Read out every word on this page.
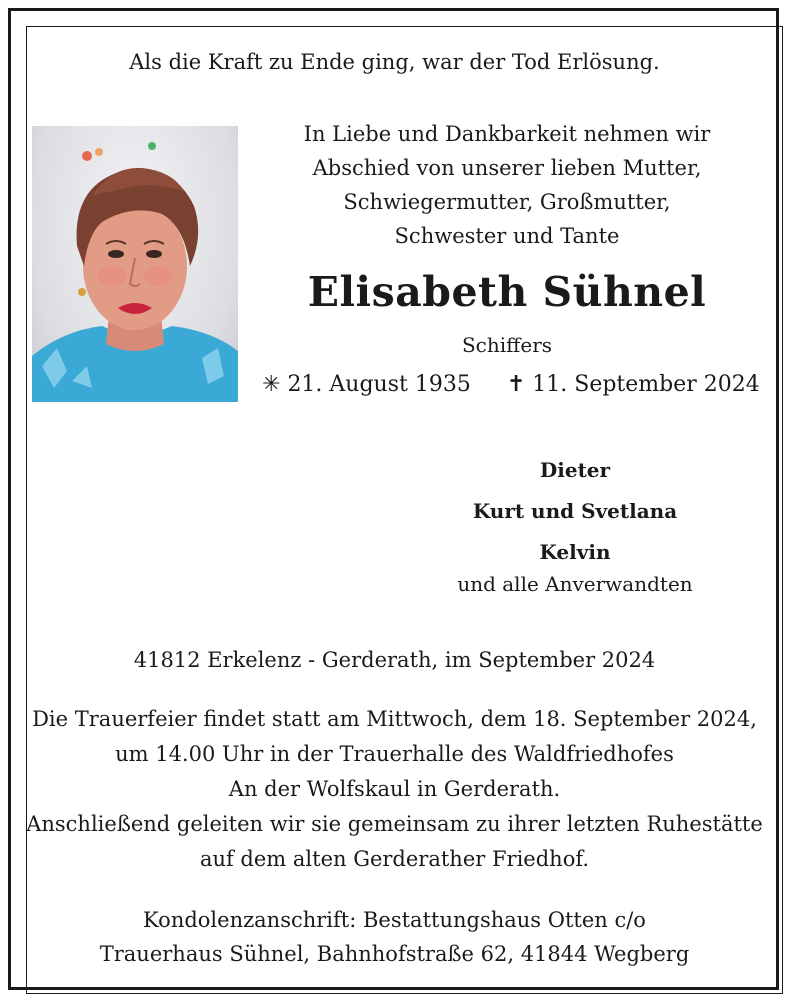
Als die Kraft zu Ende ging, war der Tod Erlösung.
In Liebe und Dankbarkeit nehmen wir
Abschied von unserer lieben Mutter,
Schwiegermutter, Großmutter,
Schwester und Tante
Elisabeth Sühnel
Schiffers
✳ 21. August 1935 ✝ 11. September 2024
Dieter
Kurt und Svetlana
Kelvin
und alle Anverwandten
41812 Erkelenz - Gerderath, im September 2024
Die Trauerfeier findet statt am Mittwoch, dem 18. September 2024,
um 14.00 Uhr in der Trauerhalle des Waldfriedhofes
An der Wolfskaul in Gerderath.
Anschließend geleiten wir sie gemeinsam zu ihrer letzten Ruhestätte
auf dem alten Gerderather Friedhof.
Kondolenzanschrift: Bestattungshaus Otten c/o
Trauerhaus Sühnel, Bahnhofstraße 62, 41844 Wegberg
